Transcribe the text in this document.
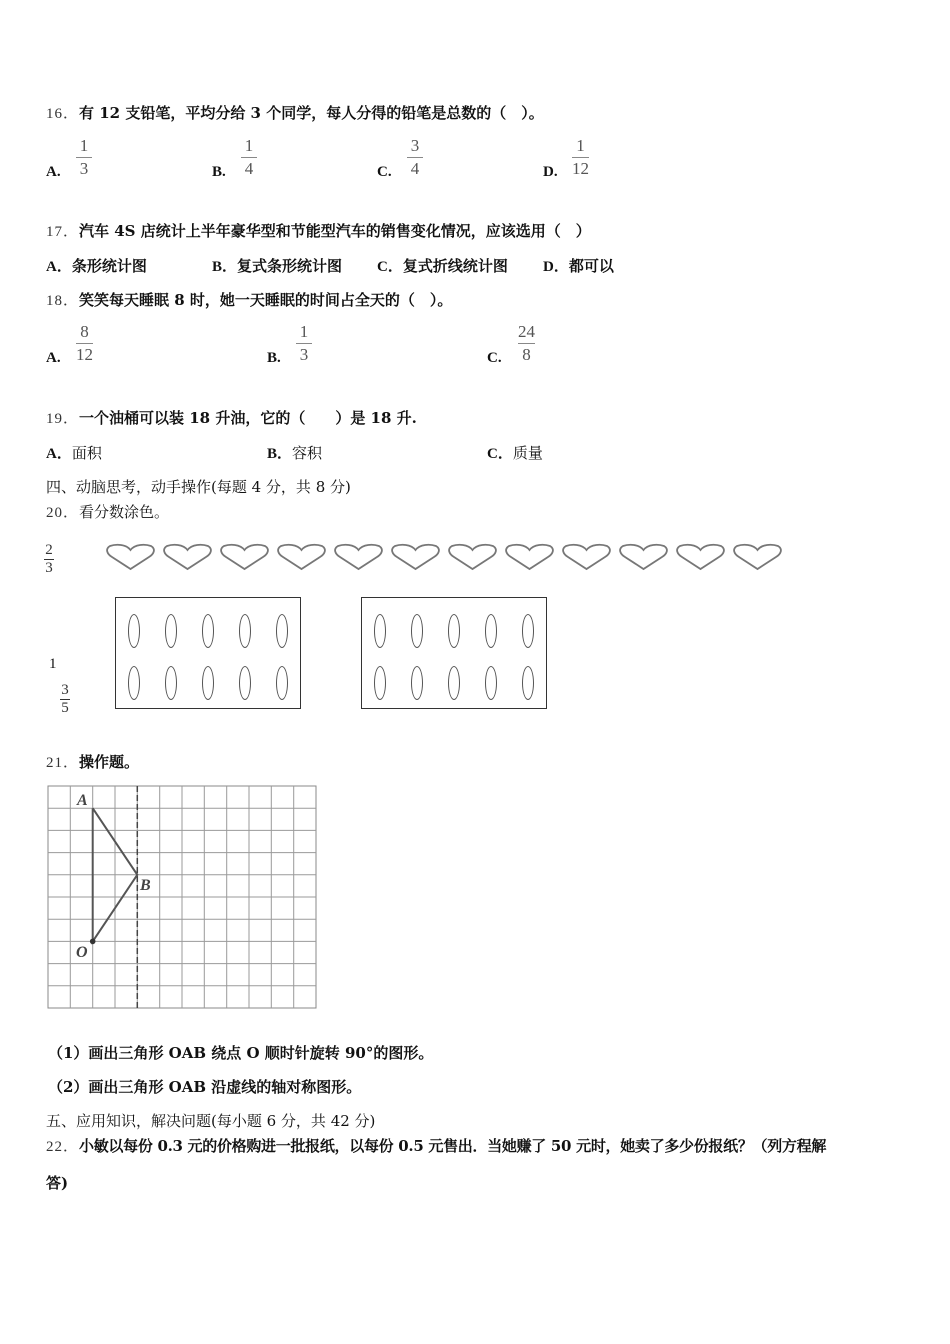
16．有 12 支铅笔，平均分给 3 个同学，每人分得的铅笔是总数的（　）。
A.
1
3	B.
1
4	C.
3
4	D.
1
12
17．汽车 4S 店统计上半年豪华型和节能型汽车的销售变化情况，应该选用（　）
A．条形统计图	B．复式条形统计图 C．复式折线统计图 D．都可以
18．笑笑每天睡眠 8 时，她一天睡眠的时间占全天的（　）。
A.
8
12	B.
1
3	C.
24
8
19．一个油桶可以装 18 升油，它的（　　）是 18 升.
A．面积	B．容积	C．质量
四、动脑思考，动手操作(每题 4 分，共 8 分)
20．看分数涂色。
2
3
1
3
5
21．操作题。
A
B
O
（1）画出三角形 OAB 绕点 O 顺时针旋转 90°的图形。
（2）画出三角形 OAB 沿虚线的轴对称图形。
五、应用知识，解决问题(每小题 6 分，共 42 分)
22．小敏以每份 0.3 元的价格购进一批报纸，以每份 0.5 元售出．当她赚了 50 元时，她卖了多少份报纸？（列方程解
答)
